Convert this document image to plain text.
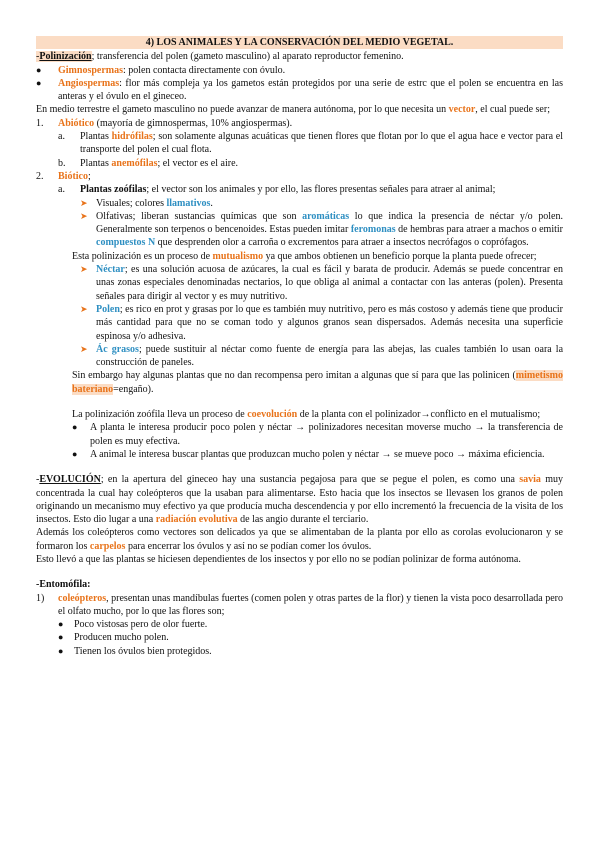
4) LOS ANIMALES Y LA CONSERVACIÓN DEL MEDIO VEGETAL.

-Polinización; transferencia del polen (gameto masculino) al aparato reproductor femenino.

●	Gimnospermas: polen contacta directamente con óvulo.
●	Angiospermas: flor más compleja ya los gametos están protegidos por una serie de estrc que el polen se encuentra en las anteras y el óvulo en el gineceo.

En medio terrestre el gameto masculino no puede avanzar de manera autónoma, por lo que necesita un vector, el cual puede ser;

1.	Abiótico (mayoría de gimnospermas, 10% angiospermas).
a.	Plantas hidrófilas; son solamente algunas acuáticas que tienen flores que flotan por lo que el agua hace e vector para el transporte del polen el cual flota.
b.	Plantas anemófilas; el vector es el aire.
2.	Biótico;
a.	Plantas zoófilas; el vector son los animales y por ello, las flores presentas señales para atraer al animal;
➤ Visuales; colores llamativos.
➤ Olfativas; liberan sustancias químicas que son aromáticas lo que indica la presencia de néctar y/o polen. Generalmente son terpenos o bencenoides. Estas pueden imitar feromonas de hembras para atraer a machos o emitir compuestos N que desprenden olor a carroña o excrementos para atraer a insectos necrófagos o coprófagos.

Esta polinización es un proceso de mutualismo ya que ambos obtienen un beneficio porque la planta puede ofrecer;

➤ Néctar; es una solución acuosa de azúcares, la cual es fácil y barata de producir. Además se puede concentrar en unas zonas especiales denominadas nectarios, lo que obliga al animal a contactar con las anteras (polen). Presenta señales para dirigir al vector y es muy nutritivo.
➤ Polen; es rico en prot y grasas por lo que es también muy nutritivo, pero es más costoso y además tiene que producir más cantidad para que no se coman todo y algunos granos sean dispersados. Además necesita una superficie espinosa y/o adhesiva.
➤ Ác grasos; puede sustituir al néctar como fuente de energía para las abejas, las cuales también lo usan oara la construcción de paneles.

Sin embargo hay algunas plantas que no dan recompensa pero imitan a algunas que sí para que las polinicen (mimetismo bateriano=engaño).

La polinización zoófila lleva un proceso de coevolución de la planta con el polinizador→conflicto en el mutualismo;

●	A planta le interesa producir poco polen y néctar → polinizadores necesitan moverse mucho → la transferencia de polen es muy efectiva.
●	A animal le interesa buscar plantas que produzcan mucho polen y néctar → se mueve poco → máxima eficiencia.

-EVOLUCIÓN; en la apertura del gineceo hay una sustancia pegajosa para que se pegue el polen, es como una savia muy concentrada la cual hay coleópteros que la usaban para alimentarse. Esto hacia que los insectos se llevasen los granos de polen originando un mecanismo muy efectivo ya que producía mucha descendencia y por ello incrementó la frecuencia de la visita de los insectos. Esto dio lugar a una radiación evolutiva de las angio durante el terciario.

Además los coleópteros como vectores son delicados ya que se alimentaban de la planta por ello as corolas evolucionaron y se formaron los carpelos para encerrar los óvulos y así no se podían comer los óvulos.

Esto llevó a que las plantas se hiciesen dependientes de los insectos y por ello no se podían polinizar de forma autónoma.

-Entomófila:

1)	coleópteros, presentan unas mandíbulas fuertes (comen polen y otras partes de la flor) y tienen la vista poco desarrollada pero el olfato mucho, por lo que las flores son;
●	Poco vistosas pero de olor fuerte.
●	Producen mucho polen.
●	Tienen los óvulos bien protegidos.
